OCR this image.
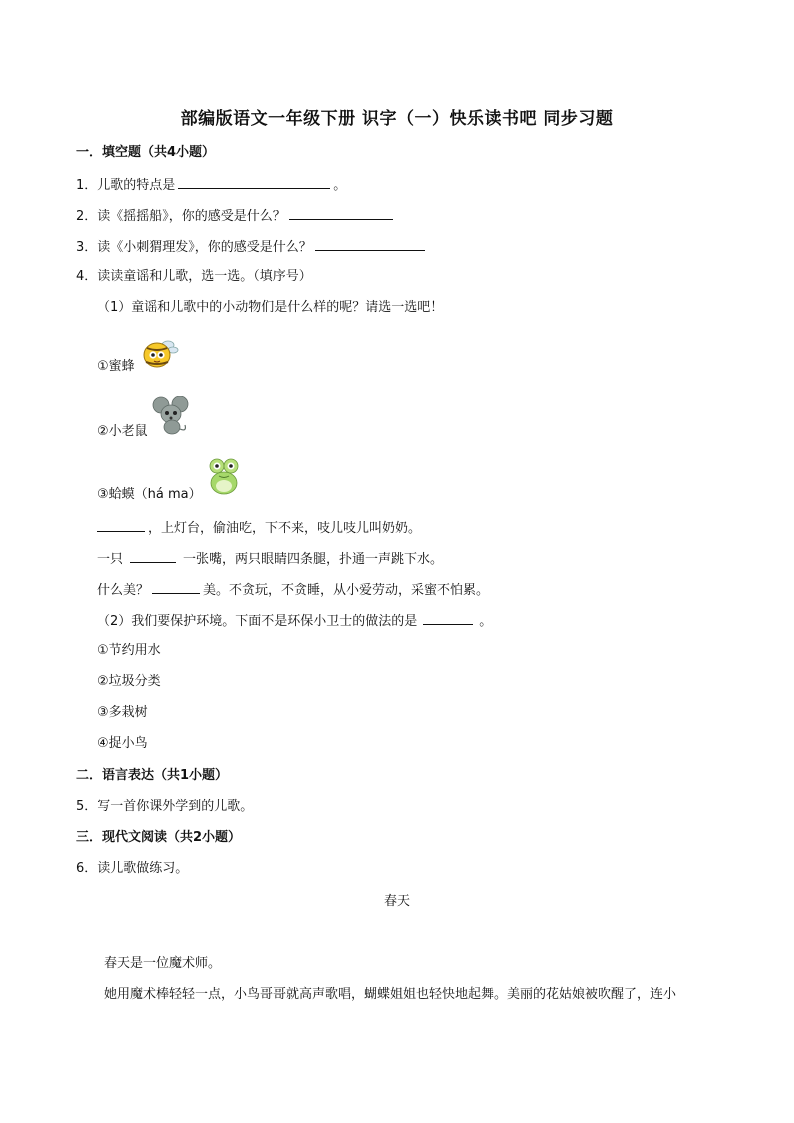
部编版语文一年级下册 识字（一）快乐读书吧 同步习题
一．填空题（共4小题）
1．儿歌的特点是	。
2．读《摇摇船》，你的感受是什么？
3．读《小刺猬理发》，你的感受是什么？
4．读读童谣和儿歌，选一选。（填序号）
（1）童谣和儿歌中的小动物们是什么样的呢？请选一选吧！
①蜜蜂
②小老鼠
③蛤蟆（há ma）
，上灯台，偷油吃，下不来，吱儿吱儿叫奶奶。
一只	一张嘴，两只眼睛四条腿，扑通一声跳下水。
什么美？	美。不贪玩，不贪睡，从小爱劳动，采蜜不怕累。
（2）我们要保护环境。下面不是环保小卫士的做法的是	。
①节约用水
②垃圾分类
③多栽树
④捉小鸟
二．语言表达（共1小题）
5．写一首你课外学到的儿歌。
三．现代文阅读（共2小题）
6．读儿歌做练习。
春天
春天是一位魔术师。
她用魔术棒轻轻一点，小鸟哥哥就高声歌唱，蝴蝶姐姐也轻快地起舞。美丽的花姑娘被吹醒了，连小
